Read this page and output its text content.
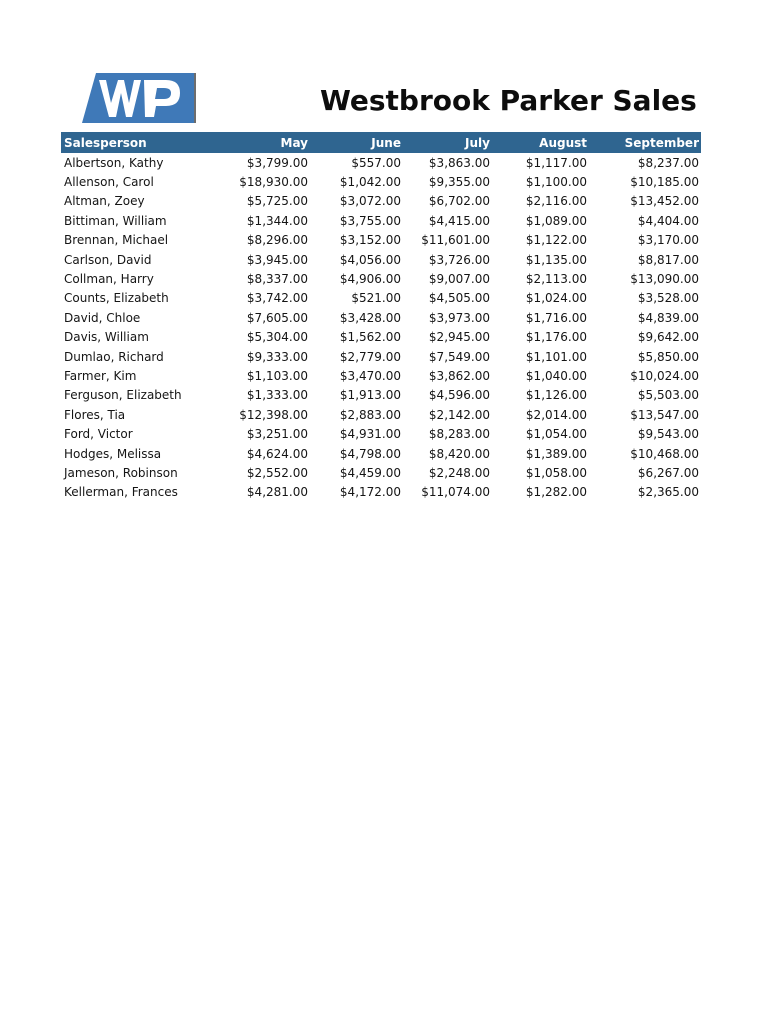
Westbrook Parker Sales
Salesperson	May	June	July	August	September
Albertson, Kathy	$3,799.00	$557.00	$3,863.00	$1,117.00	$8,237.00
Allenson, Carol	$18,930.00	$1,042.00	$9,355.00	$1,100.00	$10,185.00
Altman, Zoey	$5,725.00	$3,072.00	$6,702.00	$2,116.00	$13,452.00
Bittiman, William	$1,344.00	$3,755.00	$4,415.00	$1,089.00	$4,404.00
Brennan, Michael	$8,296.00	$3,152.00	$11,601.00	$1,122.00	$3,170.00
Carlson, David	$3,945.00	$4,056.00	$3,726.00	$1,135.00	$8,817.00
Collman, Harry	$8,337.00	$4,906.00	$9,007.00	$2,113.00	$13,090.00
Counts, Elizabeth	$3,742.00	$521.00	$4,505.00	$1,024.00	$3,528.00
David, Chloe	$7,605.00	$3,428.00	$3,973.00	$1,716.00	$4,839.00
Davis, William	$5,304.00	$1,562.00	$2,945.00	$1,176.00	$9,642.00
Dumlao, Richard	$9,333.00	$2,779.00	$7,549.00	$1,101.00	$5,850.00
Farmer, Kim	$1,103.00	$3,470.00	$3,862.00	$1,040.00	$10,024.00
Ferguson, Elizabeth	$1,333.00	$1,913.00	$4,596.00	$1,126.00	$5,503.00
Flores, Tia	$12,398.00	$2,883.00	$2,142.00	$2,014.00	$13,547.00
Ford, Victor	$3,251.00	$4,931.00	$8,283.00	$1,054.00	$9,543.00
Hodges, Melissa	$4,624.00	$4,798.00	$8,420.00	$1,389.00	$10,468.00
Jameson, Robinson	$2,552.00	$4,459.00	$2,248.00	$1,058.00	$6,267.00
Kellerman, Frances	$4,281.00	$4,172.00	$11,074.00	$1,282.00	$2,365.00
